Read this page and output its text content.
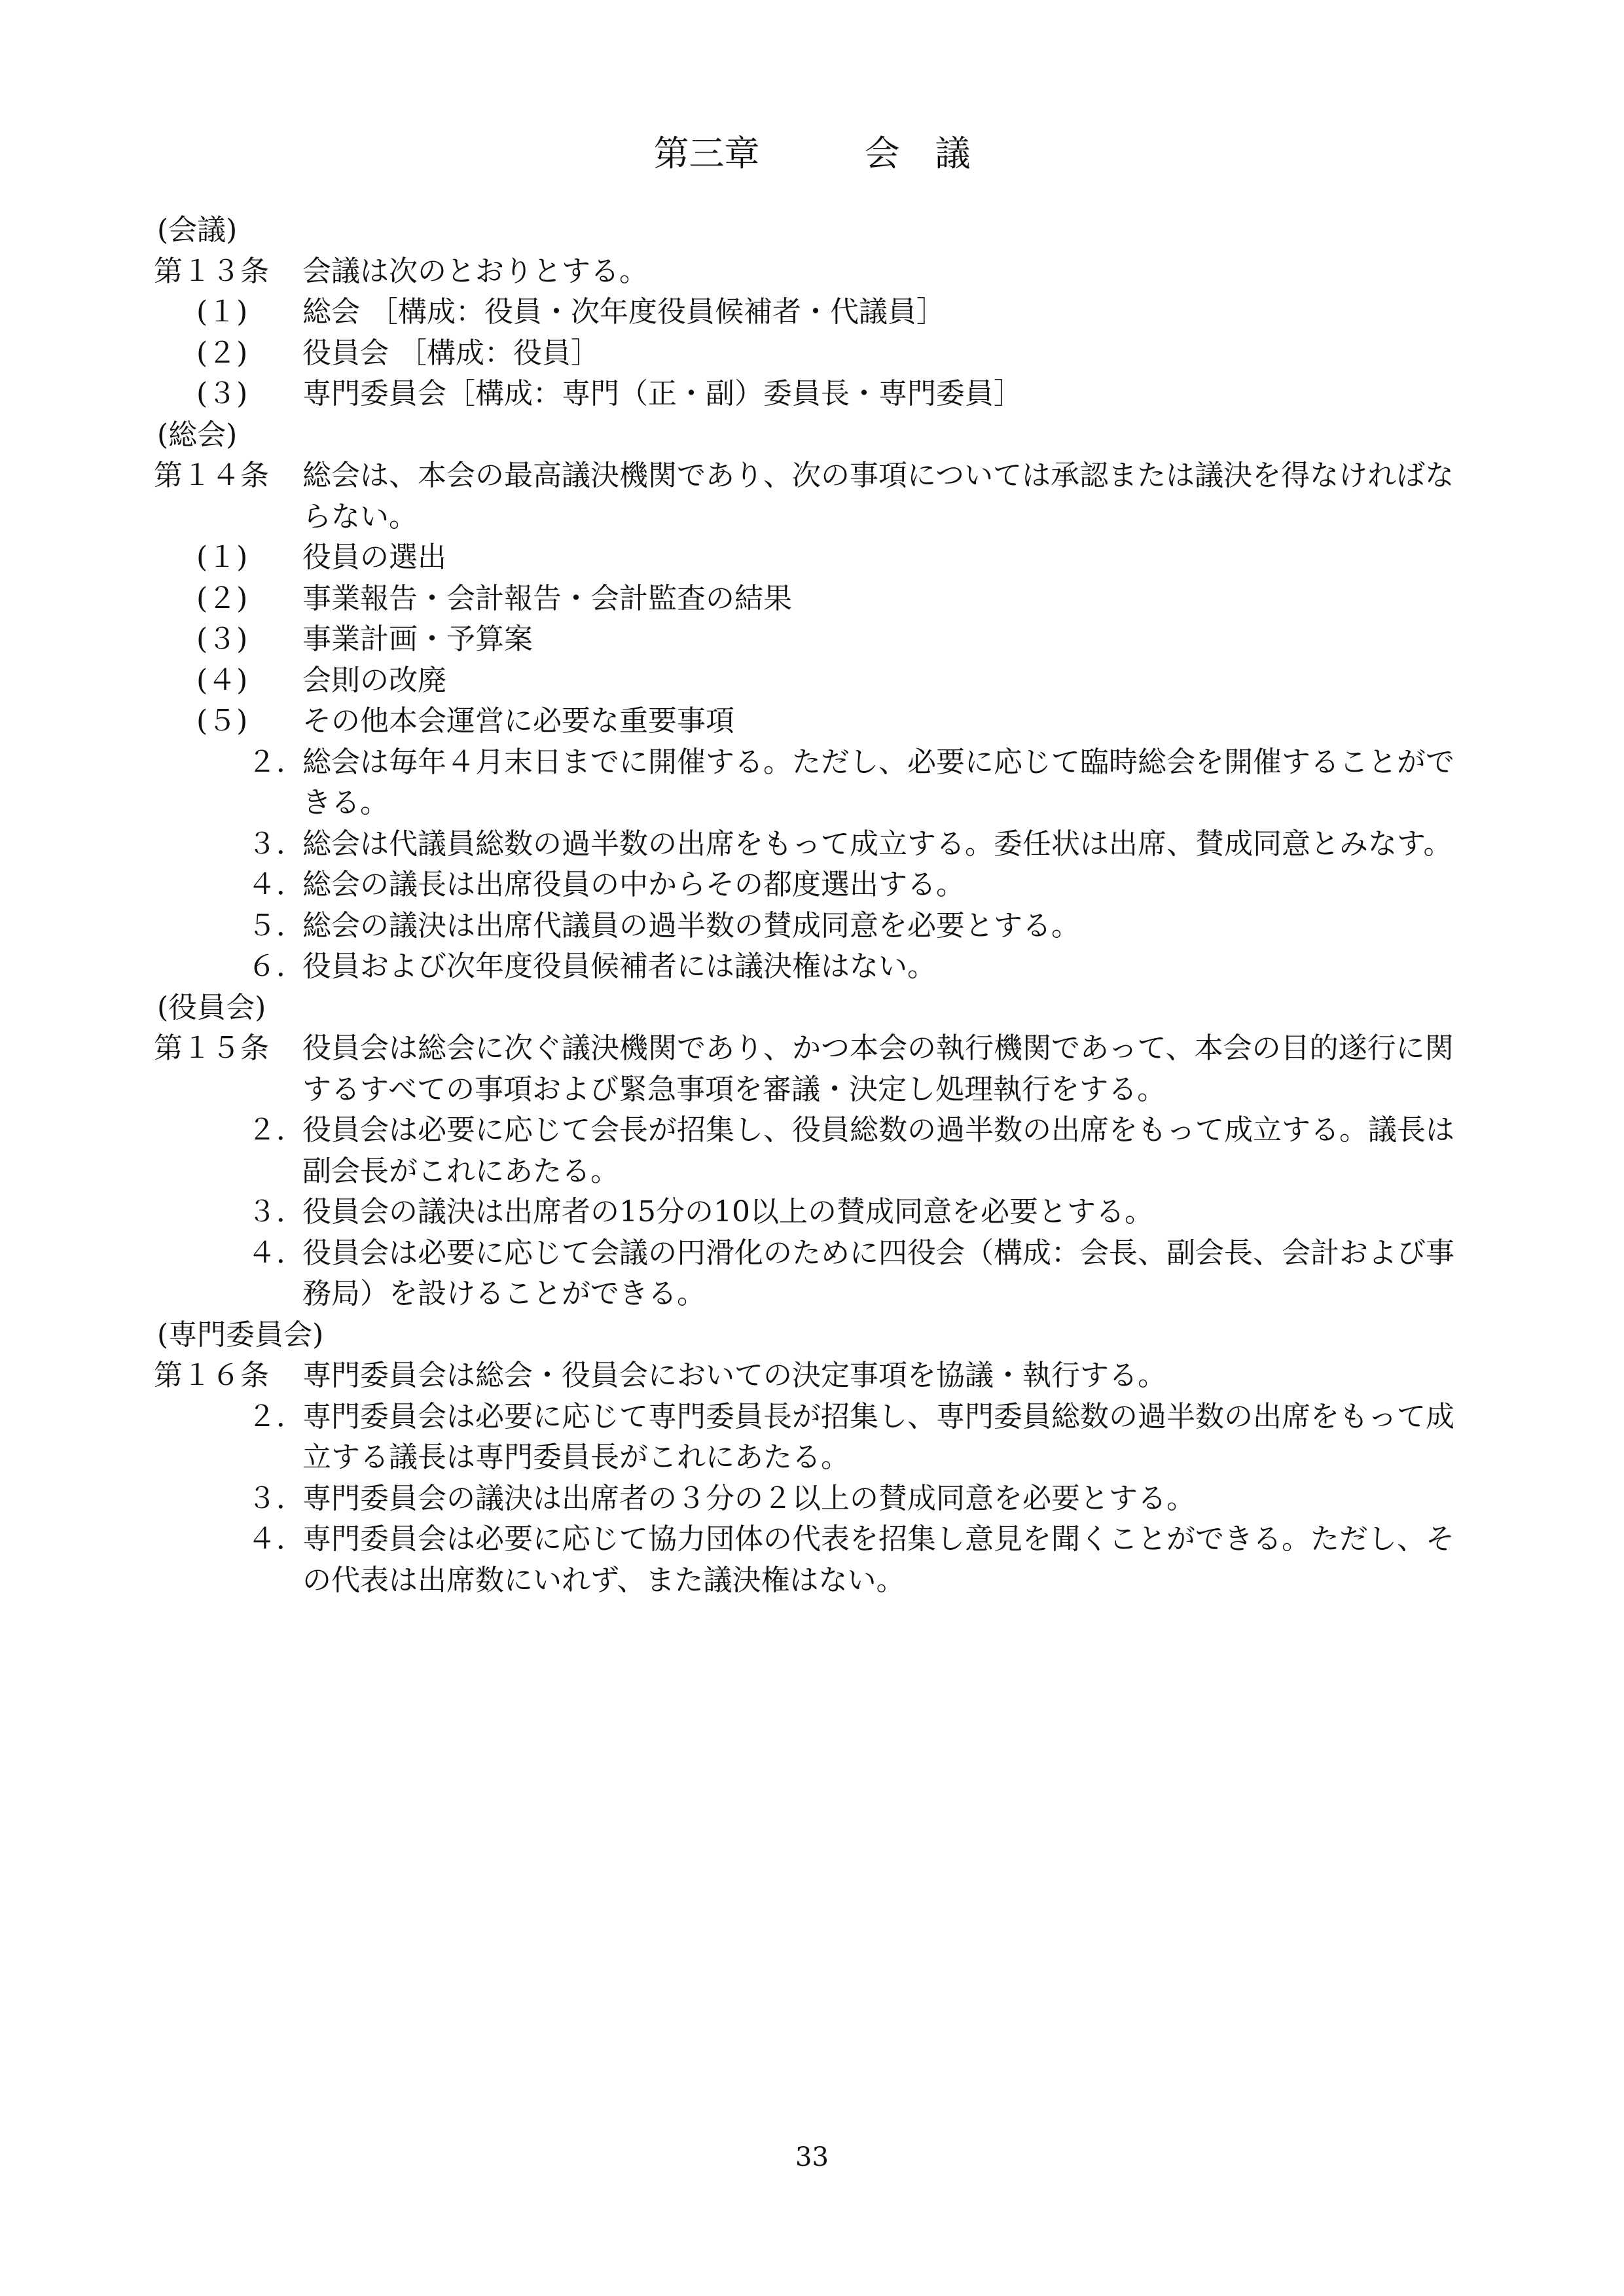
第三章	会　議
(会議)
第１３条 会議は次のとおりとする。
(１) 総会 ［構成：役員・次年度役員候補者・代議員］
(２) 役員会 ［構成：役員］
(３) 専門委員会［構成：専門（正・副）委員長・専門委員］
(総会)
第１４条 総会は、本会の最高議決機関であり、次の事項については承認または議決を得なければな
らない。
(１) 役員の選出
(２) 事業報告・会計報告・会計監査の結果
(３) 事業計画・予算案
(４) 会則の改廃
(５) その他本会運営に必要な重要事項
２．
総会は毎年４月末日までに開催する。ただし、必要に応じて臨時総会を開催することがで
きる。
３．
総会は代議員総数の過半数の出席をもって成立する。委任状は出席、賛成同意とみなす。
４．
総会の議長は出席役員の中からその都度選出する。
５．
総会の議決は出席代議員の過半数の賛成同意を必要とする。
６．
役員および次年度役員候補者には議決権はない。
(役員会)
第１５条 役員会は総会に次ぐ議決機関であり、かつ本会の執行機関であって、本会の目的遂行に関
するすべての事項および緊急事項を審議・決定し処理執行をする。
２．
役員会は必要に応じて会長が招集し、役員総数の過半数の出席をもって成立する。議長は
副会長がこれにあたる。
３．
役員会の議決は出席者の15分の10以上の賛成同意を必要とする。
４．
役員会は必要に応じて会議の円滑化のために四役会（構成：会長、副会長、会計および事
務局）を設けることができる。
(専門委員会)
第１６条 専門委員会は総会・役員会においての決定事項を協議・執行する。
２．
専門委員会は必要に応じて専門委員長が招集し、専門委員総数の過半数の出席をもって成
立する議長は専門委員長がこれにあたる。
３．
専門委員会の議決は出席者の３分の２以上の賛成同意を必要とする。
４．
専門委員会は必要に応じて協力団体の代表を招集し意見を聞くことができる。ただし、そ
の代表は出席数にいれず、また議決権はない。
33
